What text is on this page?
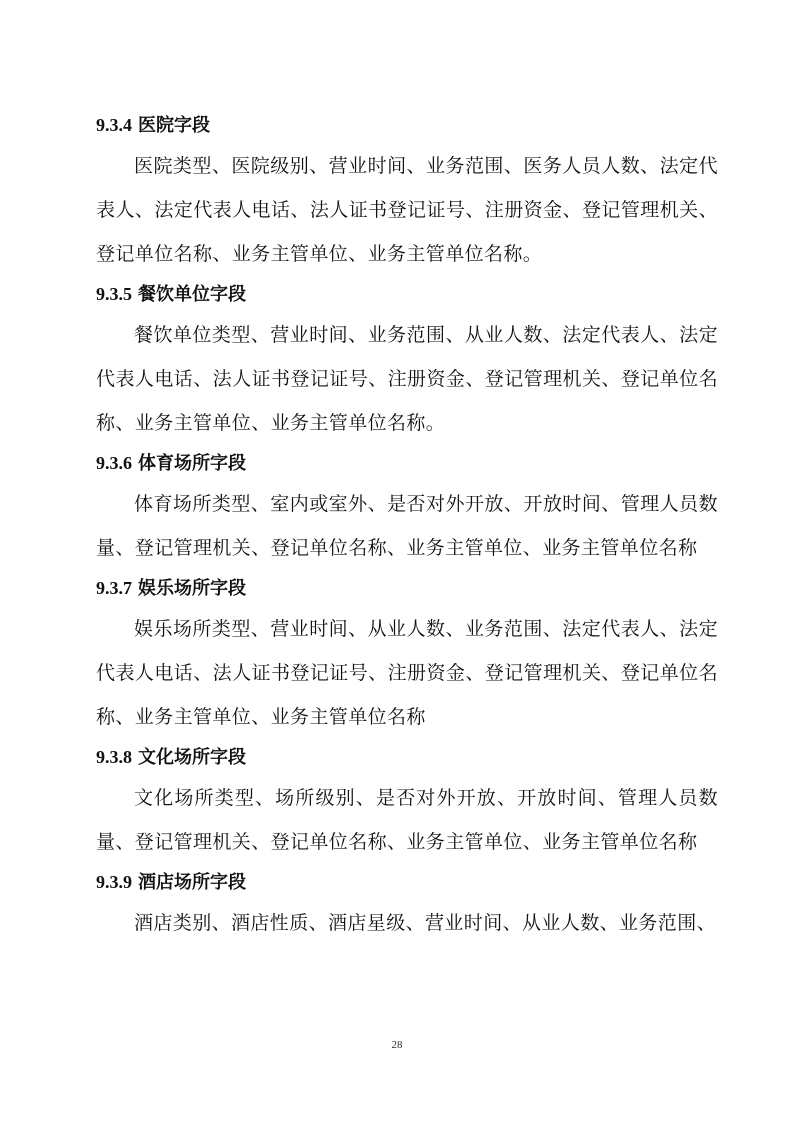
9.3.4 医院字段

医院类型、医院级别、营业时间、业务范围、医务人员人数、法定代表人、法定代表人电话、法人证书登记证号、注册资金、登记管理机关、登记单位名称、业务主管单位、业务主管单位名称。

9.3.5 餐饮单位字段

餐饮单位类型、营业时间、业务范围、从业人数、法定代表人、法定代表人电话、法人证书登记证号、注册资金、登记管理机关、登记单位名称、业务主管单位、业务主管单位名称。

9.3.6 体育场所字段

体育场所类型、室内或室外、是否对外开放、开放时间、管理人员数量、登记管理机关、登记单位名称、业务主管单位、业务主管单位名称

9.3.7 娱乐场所字段

娱乐场所类型、营业时间、从业人数、业务范围、法定代表人、法定代表人电话、法人证书登记证号、注册资金、登记管理机关、登记单位名称、业务主管单位、业务主管单位名称

9.3.8 文化场所字段

文化场所类型、场所级别、是否对外开放、开放时间、管理人员数量、登记管理机关、登记单位名称、业务主管单位、业务主管单位名称

9.3.9 酒店场所字段

酒店类别、酒店性质、酒店星级、营业时间、从业人数、业务范围、

28
